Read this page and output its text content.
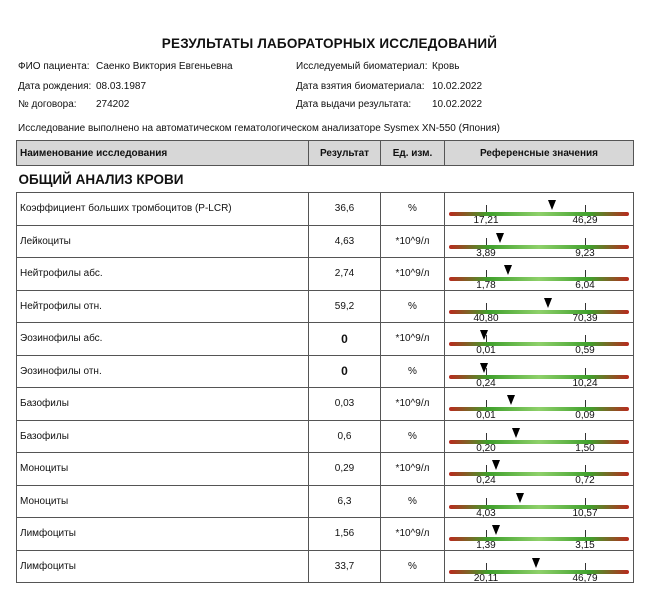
РЕЗУЛЬТАТЫ ЛАБОРАТОРНЫХ ИССЛЕДОВАНИЙ
ФИО пациента: Саенко Виктория Евгеньевна
Дата рождения: 08.03.1987
№ договора: 274202
Исследуемый биоматериал: Кровь
Дата взятия биоматериала: 10.02.2022
Дата выдачи результата: 10.02.2022
Исследование выполнено на автоматическом гематологическом анализаторе Sysmex XN-550 (Япония)
Наименование исследования	Результат	Ед. изм.	Референсные значения
ОБЩИЙ АНАЛИЗ КРОВИ			
Коэффициент больших тромбоцитов (P-LCR)	36,6	%	17,21 46,29

Лейкоциты	4,63	*10^9/л	3,89 9,23

Нейтрофилы абс.	2,74	*10^9/л	1,78 6,04

Нейтрофилы отн.	59,2	%	40,80 70,39

Эозинофилы абс.	0	*10^9/л	0,01 0,59

Эозинофилы отн.	0	%	0,24 10,24

Базофилы	0,03	*10^9/л	0,01 0,09

Базофилы	0,6	%	0,20 1,50

Моноциты	0,29	*10^9/л	0,24 0,72

Моноциты	6,3	%	4,03 10,57

Лимфоциты	1,56	*10^9/л	1,39 3,15

Лимфоциты	33,7	%	20,11 46,79
